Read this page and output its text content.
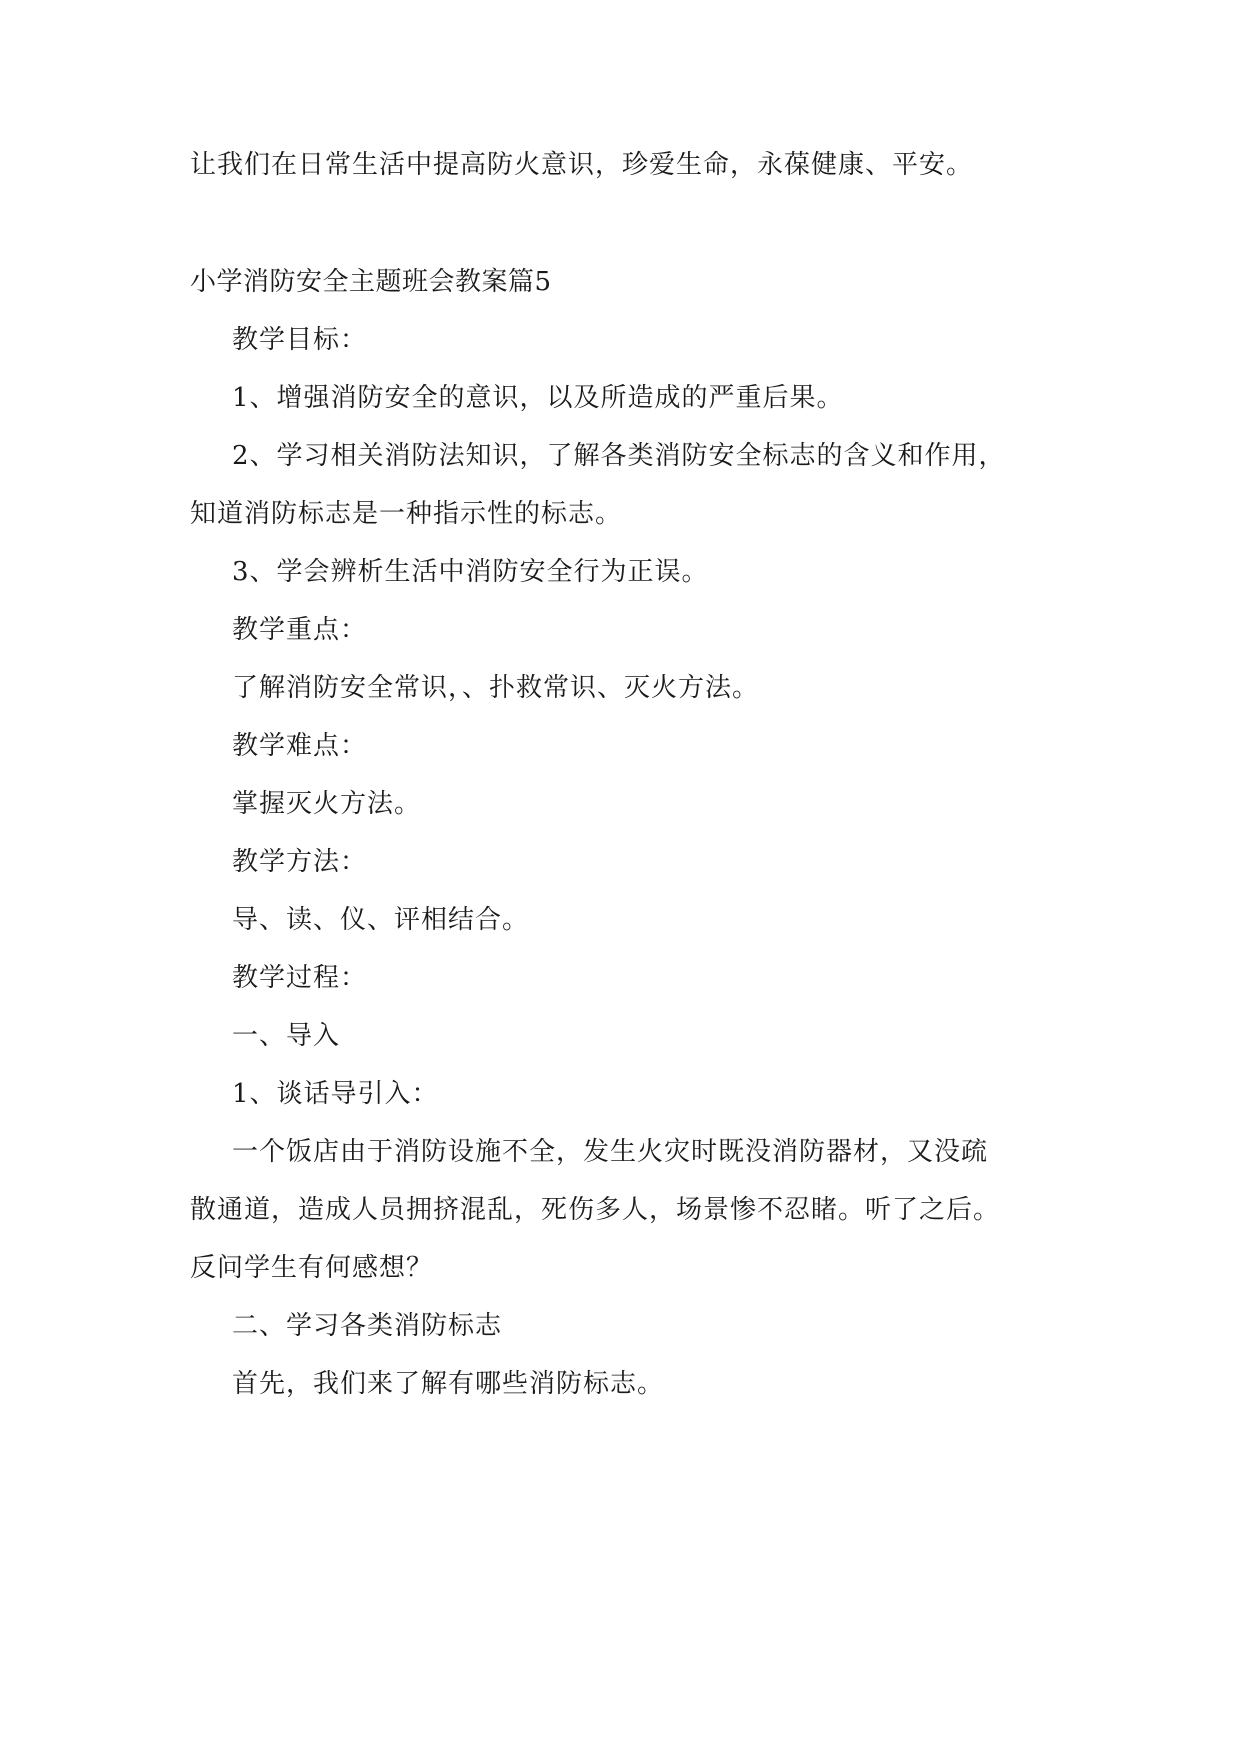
让我们在日常生活中提高防火意识，珍爱生命，永葆健康、平安。
小学消防安全主题班会教案篇5
教学目标：
1、增强消防安全的意识，以及所造成的严重后果。
2、学习相关消防法知识，了解各类消防安全标志的含义和作用，
知道消防标志是一种指示性的标志。
3、学会辨析生活中消防安全行为正误。
教学重点：
了解消防安全常识，、扑救常识、灭火方法。
教学难点：
掌握灭火方法。
教学方法：
导、读、仪、评相结合。
教学过程：
一、导入
1、谈话导引入：
一个饭店由于消防设施不全，发生火灾时既没消防器材，又没疏
散通道，造成人员拥挤混乱，死伤多人，场景惨不忍睹。听了之后。
反问学生有何感想？
二、学习各类消防标志
首先，我们来了解有哪些消防标志。
